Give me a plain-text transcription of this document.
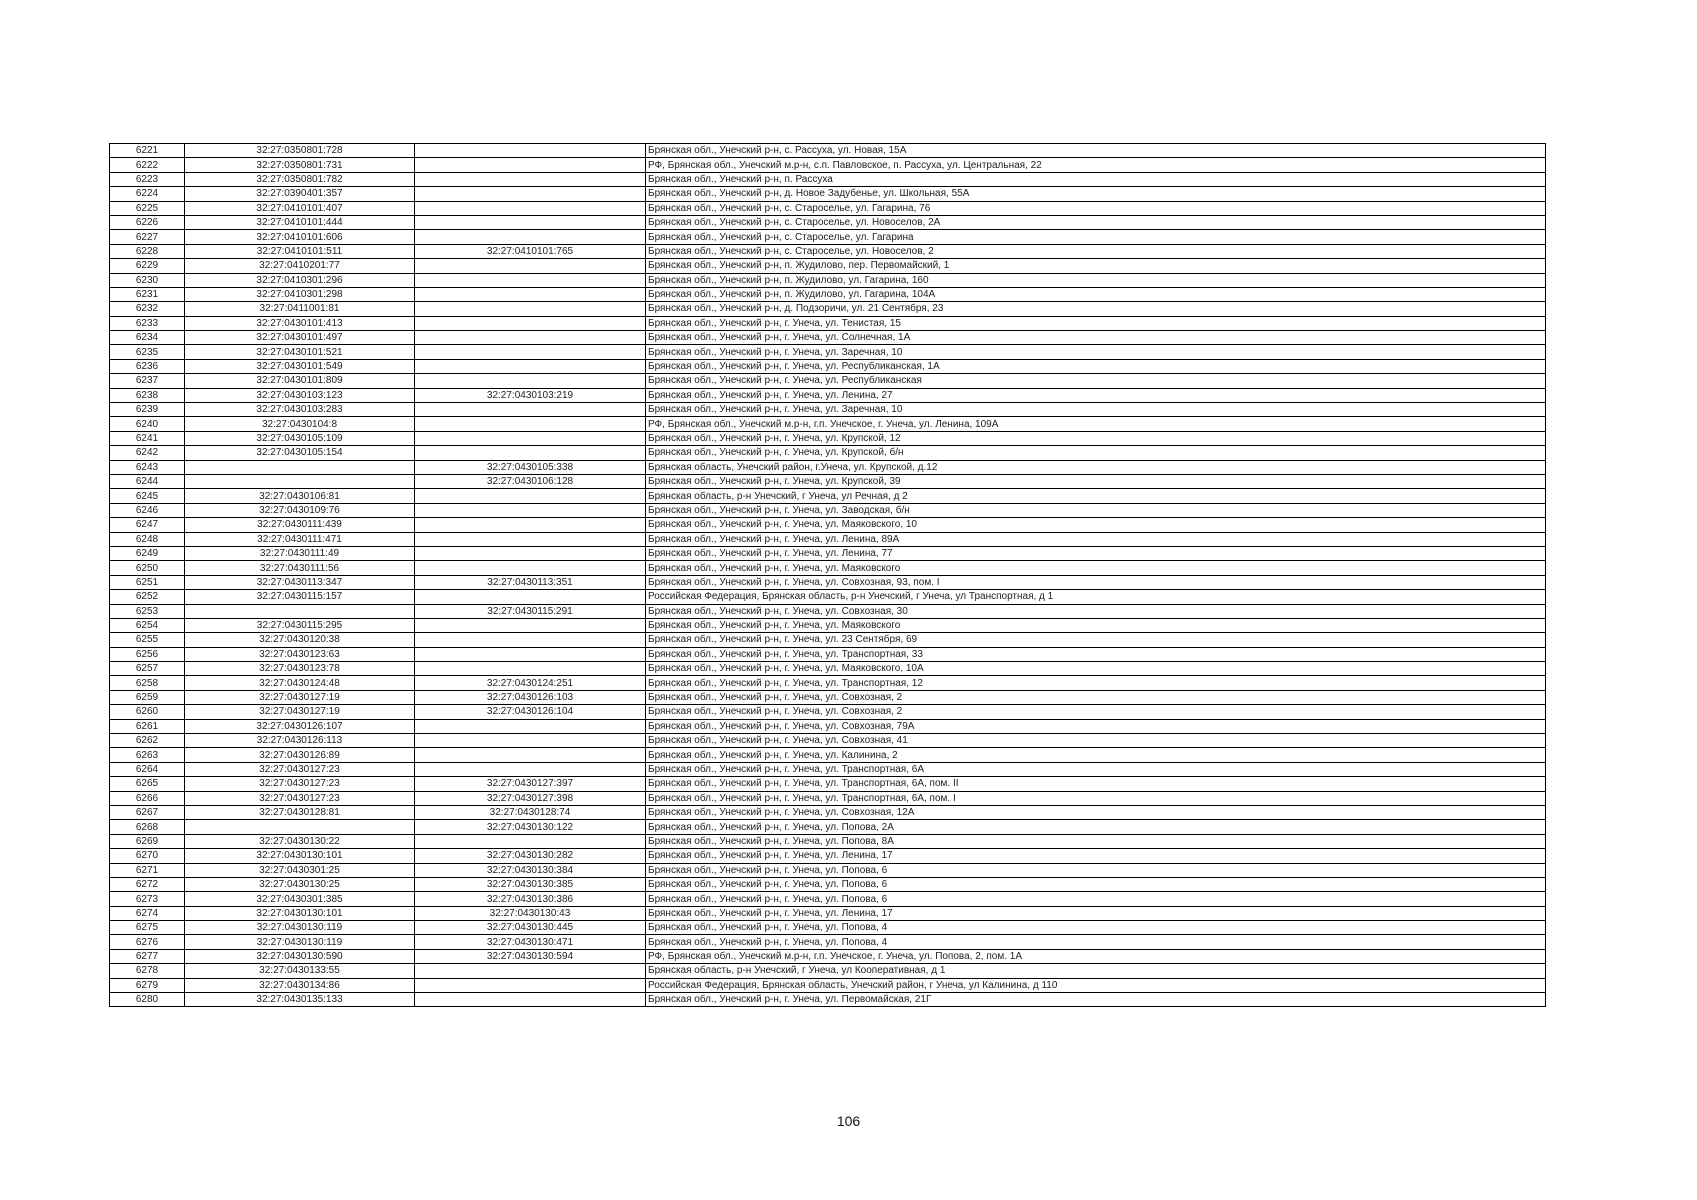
6221	32:27:0350801:728		Брянская обл., Унечский р-н, с. Рассуха, ул. Новая, 15А
6222	32:27:0350801:731		РФ, Брянская обл., Унечский м.р-н, с.п. Павловское, п. Рассуха, ул. Центральная, 22
6223	32:27:0350801:782		Брянская обл., Унечский р-н, п. Рассуха
6224	32:27:0390401:357		Брянская обл., Унечский р-н, д. Новое Задубенье, ул. Школьная, 55А
6225	32:27:0410101:407		Брянская обл., Унечский р-н, с. Староселье, ул. Гагарина, 76
6226	32:27:0410101:444		Брянская обл., Унечский р-н, с. Староселье, ул. Новоселов, 2А
6227	32:27:0410101:606		Брянская обл., Унечский р-н, с. Староселье, ул. Гагарина
6228	32:27:0410101:511	32:27:0410101:765	Брянская обл., Унечский р-н, с. Староселье, ул. Новоселов, 2
6229	32:27:0410201:77		Брянская обл., Унечский р-н, п. Жудилово, пер. Первомайский, 1
6230	32:27:0410301:296		Брянская обл., Унечский р-н, п. Жудилово, ул. Гагарина, 160
6231	32:27:0410301:298		Брянская обл., Унечский р-н, п. Жудилово, ул. Гагарина, 104А
6232	32:27:0411001:81		Брянская обл., Унечский р-н, д. Подзоричи, ул. 21 Сентября, 23
6233	32:27:0430101:413		Брянская обл., Унечский р-н, г. Унеча, ул. Тенистая, 15
6234	32:27:0430101:497		Брянская обл., Унечский р-н, г. Унеча, ул. Солнечная, 1А
6235	32:27:0430101:521		Брянская обл., Унечский р-н, г. Унеча, ул. Заречная, 10
6236	32:27:0430101:549		Брянская обл., Унечский р-н, г. Унеча, ул. Республиканская, 1А
6237	32:27:0430101:809		Брянская обл., Унечский р-н, г. Унеча, ул. Республиканская
6238	32:27:0430103:123	32:27:0430103:219	Брянская обл., Унечский р-н, г. Унеча, ул. Ленина, 27
6239	32:27:0430103:283		Брянская обл., Унечский р-н, г. Унеча, ул. Заречная, 10
6240	32:27:0430104:8		РФ, Брянская обл., Унечский м.р-н, г.п. Унечское, г. Унеча, ул. Ленина, 109А
6241	32:27:0430105:109		Брянская обл., Унечский р-н, г. Унеча, ул. Крупской, 12
6242	32:27:0430105:154		Брянская обл., Унечский р-н, г. Унеча, ул. Крупской, б/н
6243		32:27:0430105:338	Брянская область, Унечский район, г.Унеча, ул. Крупской, д.12
6244		32:27:0430106:128	Брянская обл., Унечский р-н, г. Унеча, ул. Крупской, 39
6245	32:27:0430106:81		Брянская область, р-н Унечский, г Унеча, ул Речная, д 2
6246	32:27:0430109:76		Брянская обл., Унечский р-н, г. Унеча, ул. Заводская, б/н
6247	32:27:0430111:439		Брянская обл., Унечский р-н, г. Унеча, ул. Маяковского, 10
6248	32:27:0430111:471		Брянская обл., Унечский р-н, г. Унеча, ул. Ленина, 89А
6249	32:27:0430111:49		Брянская обл., Унечский р-н, г. Унеча, ул. Ленина, 77
6250	32:27:0430111:56		Брянская обл., Унечский р-н, г. Унеча, ул. Маяковского
6251	32:27:0430113:347	32:27:0430113:351	Брянская обл., Унечский р-н, г. Унеча, ул. Совхозная, 93, пом. I
6252	32:27:0430115:157		Российская Федерация, Брянская область, р-н Унечский, г Унеча, ул Транспортная, д 1
6253		32:27:0430115:291	Брянская обл., Унечский р-н, г. Унеча, ул. Совхозная, 30
6254	32:27:0430115:295		Брянская обл., Унечский р-н, г. Унеча, ул. Маяковского
6255	32:27:0430120:38		Брянская обл., Унечский р-н, г. Унеча, ул. 23 Сентября, 69
6256	32:27:0430123:63		Брянская обл., Унечский р-н, г. Унеча, ул. Транспортная, 33
6257	32:27:0430123:78		Брянская обл., Унечский р-н, г. Унеча, ул. Маяковского, 10А
6258	32:27:0430124:48	32:27:0430124:251	Брянская обл., Унечский р-н, г. Унеча, ул. Транспортная, 12
6259	32:27:0430127:19	32:27:0430126:103	Брянская обл., Унечский р-н, г. Унеча, ул. Совхозная, 2
6260	32:27:0430127:19	32:27:0430126:104	Брянская обл., Унечский р-н, г. Унеча, ул. Совхозная, 2
6261	32:27:0430126:107		Брянская обл., Унечский р-н, г. Унеча, ул. Совхозная, 79А
6262	32:27:0430126:113		Брянская обл., Унечский р-н, г. Унеча, ул. Совхозная, 41
6263	32:27:0430126:89		Брянская обл., Унечский р-н, г. Унеча, ул. Калинина, 2
6264	32:27:0430127:23		Брянская обл., Унечский р-н, г. Унеча, ул. Транспортная, 6А
6265	32:27:0430127:23	32:27:0430127:397	Брянская обл., Унечский р-н, г. Унеча, ул. Транспортная, 6А, пом. II
6266	32:27:0430127:23	32:27:0430127:398	Брянская обл., Унечский р-н, г. Унеча, ул. Транспортная, 6А, пом. I
6267	32:27:0430128:81	32:27:0430128:74	Брянская обл., Унечский р-н, г. Унеча, ул. Совхозная, 12А
6268		32:27:0430130:122	Брянская обл., Унечский р-н, г. Унеча, ул. Попова, 2А
6269	32:27:0430130:22		Брянская обл., Унечский р-н, г. Унеча, ул. Попова, 8А
6270	32:27:0430130:101	32:27:0430130:282	Брянская обл., Унечский р-н, г. Унеча, ул. Ленина, 17
6271	32:27:0430301:25	32:27:0430130:384	Брянская обл., Унечский р-н, г. Унеча, ул. Попова, 6
6272	32:27:0430130:25	32:27:0430130:385	Брянская обл., Унечский р-н, г. Унеча, ул. Попова, 6
6273	32:27:0430301:385	32:27:0430130:386	Брянская обл., Унечский р-н, г. Унеча, ул. Попова, 6
6274	32:27:0430130:101	32:27:0430130:43	Брянская обл., Унечский р-н, г. Унеча, ул. Ленина, 17
6275	32:27:0430130:119	32:27:0430130:445	Брянская обл., Унечский р-н, г. Унеча, ул. Попова, 4
6276	32:27:0430130:119	32:27:0430130:471	Брянская обл., Унечский р-н, г. Унеча, ул. Попова, 4
6277	32:27:0430130:590	32:27:0430130:594	РФ, Брянская обл., Унечский м.р-н, г.п. Унечское, г. Унеча, ул. Попова, 2, пом. 1А
6278	32:27:0430133:55		Брянская область, р-н Унечский, г Унеча, ул Кооперативная, д 1
6279	32:27:0430134:86		Российская Федерация, Брянская область, Унечский район, г Унеча, ул Калинина, д 110
6280	32:27:0430135:133		Брянская обл., Унечский р-н, г. Унеча, ул. Первомайская, 21Г
106
